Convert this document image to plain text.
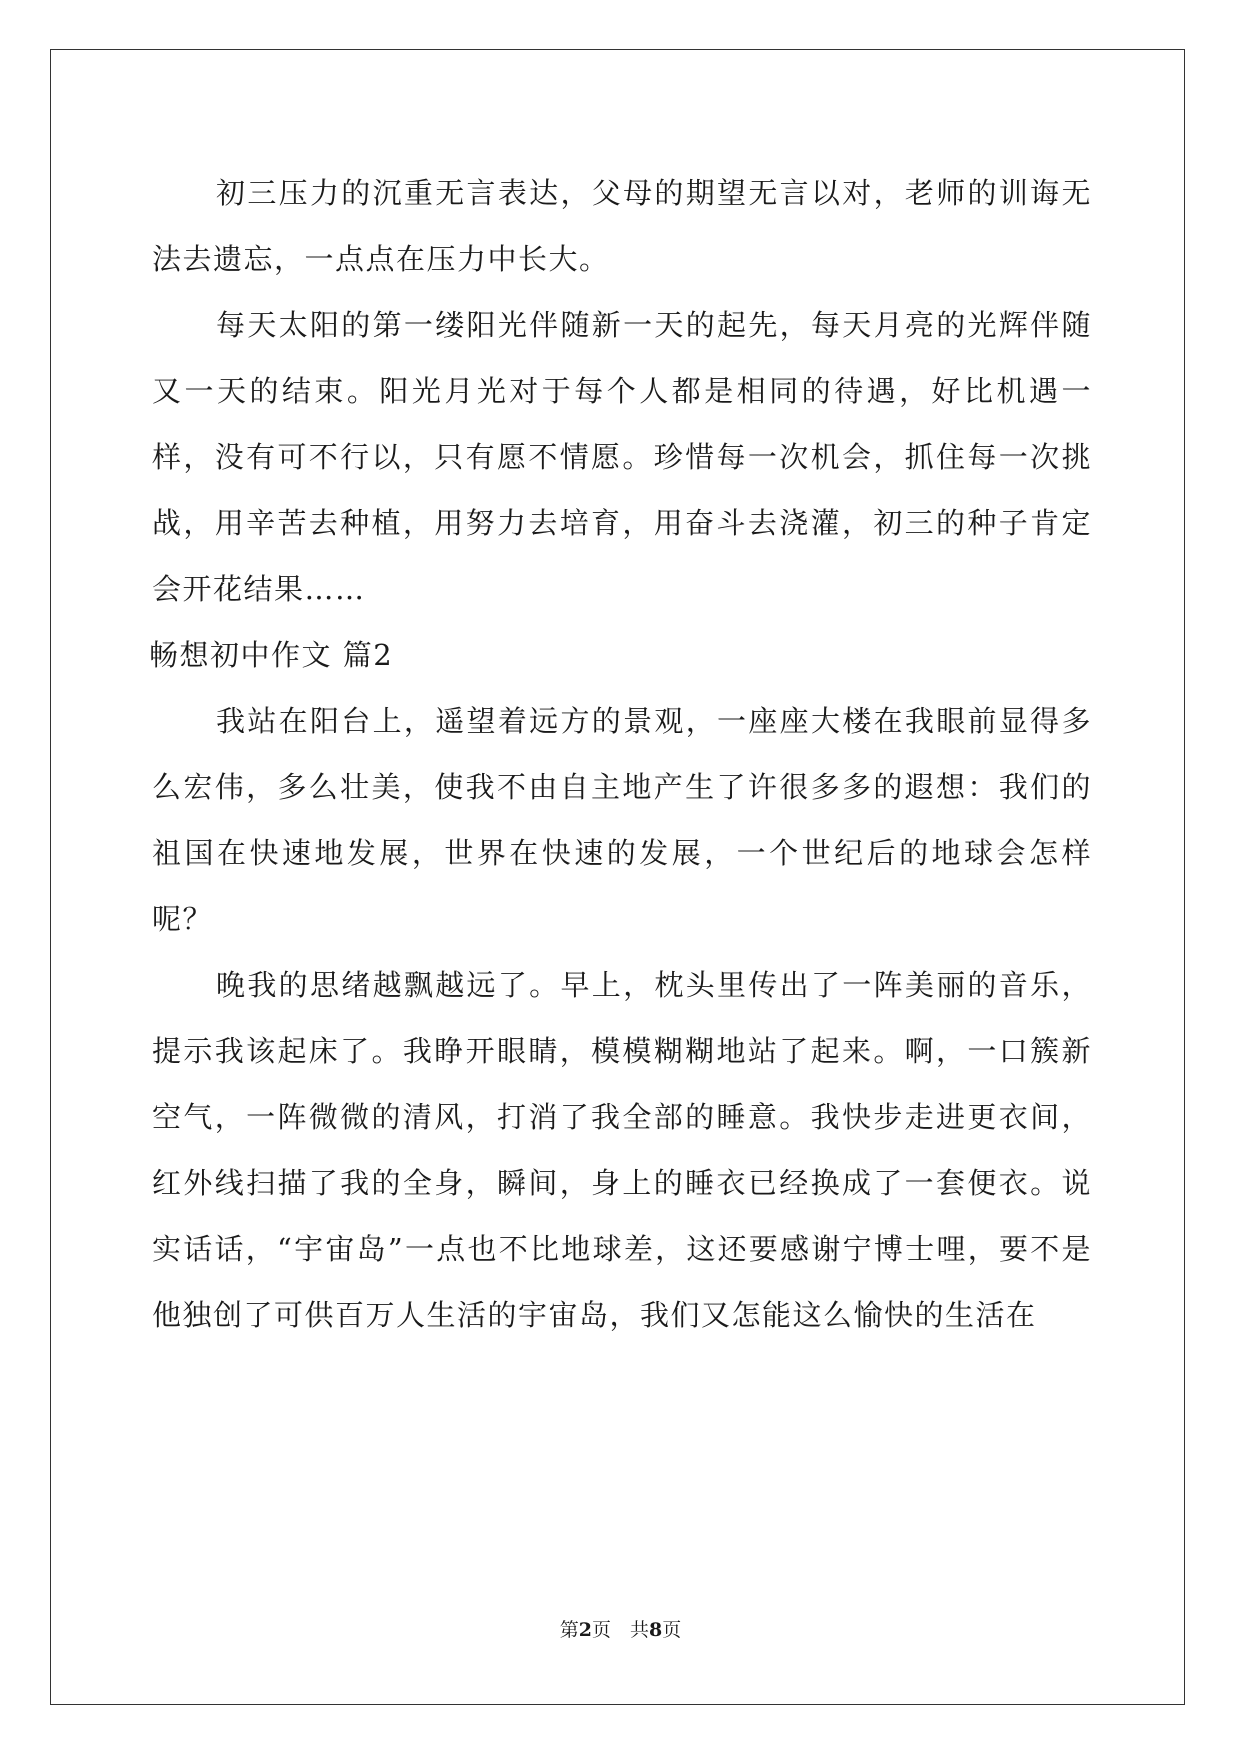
初三压力的沉重无言表达，父母的期望无言以对，老师的训诲无法去遗忘，一点点在压力中长大。

每天太阳的第一缕阳光伴随新一天的起先，每天月亮的光辉伴随又一天的结束。阳光月光对于每个人都是相同的待遇，好比机遇一样，没有可不行以，只有愿不情愿。珍惜每一次机会，抓住每一次挑战，用辛苦去种植，用努力去培育，用奋斗去浇灌，初三的种子肯定会开花结果……

畅想初中作文 篇2

我站在阳台上，遥望着远方的景观，一座座大楼在我眼前显得多么宏伟，多么壮美，使我不由自主地产生了许很多多的遐想：我们的祖国在快速地发展，世界在快速的发展，一个世纪后的地球会怎样呢？

晚我的思绪越飘越远了。早上，枕头里传出了一阵美丽的音乐，提示我该起床了。我睁开眼睛，模模糊糊地站了起来。啊，一口簇新空气，一阵微微的清风，打消了我全部的睡意。我快步走进更衣间，红外线扫描了我的全身，瞬间，身上的睡衣已经换成了一套便衣。说实话话，“宇宙岛”一点也不比地球差，这还要感谢宁博士哩，要不是他独创了可供百万人生活的宇宙岛，我们又怎能这么愉快的生活在

第2页　共8页
